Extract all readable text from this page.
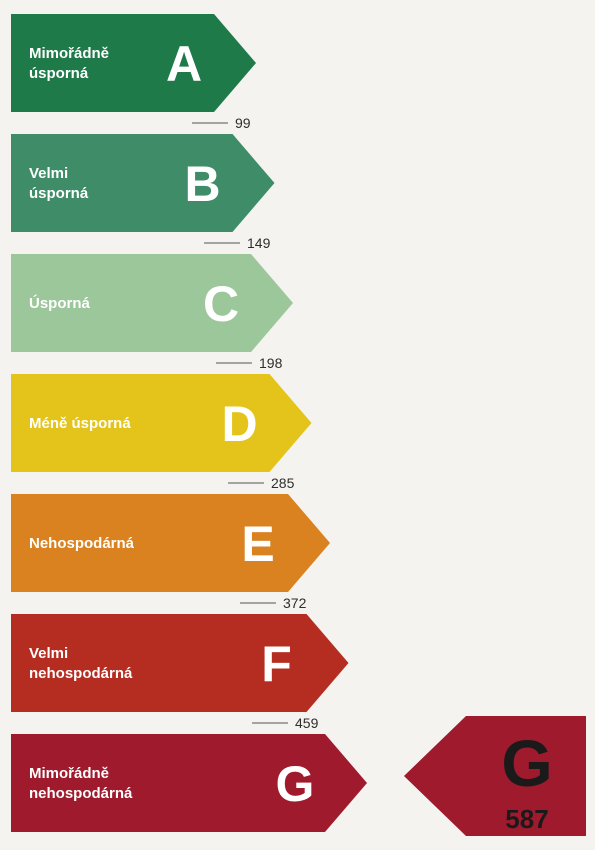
Mimořádně
úsporná A
Velmi
úsporná B
Úsporná C
Méně úsporná D
Nehospodárná E
Velmi
nehospodárná	F
Mimořádně
nehospodárná	G
99
149
198
285
372
459
G
587
